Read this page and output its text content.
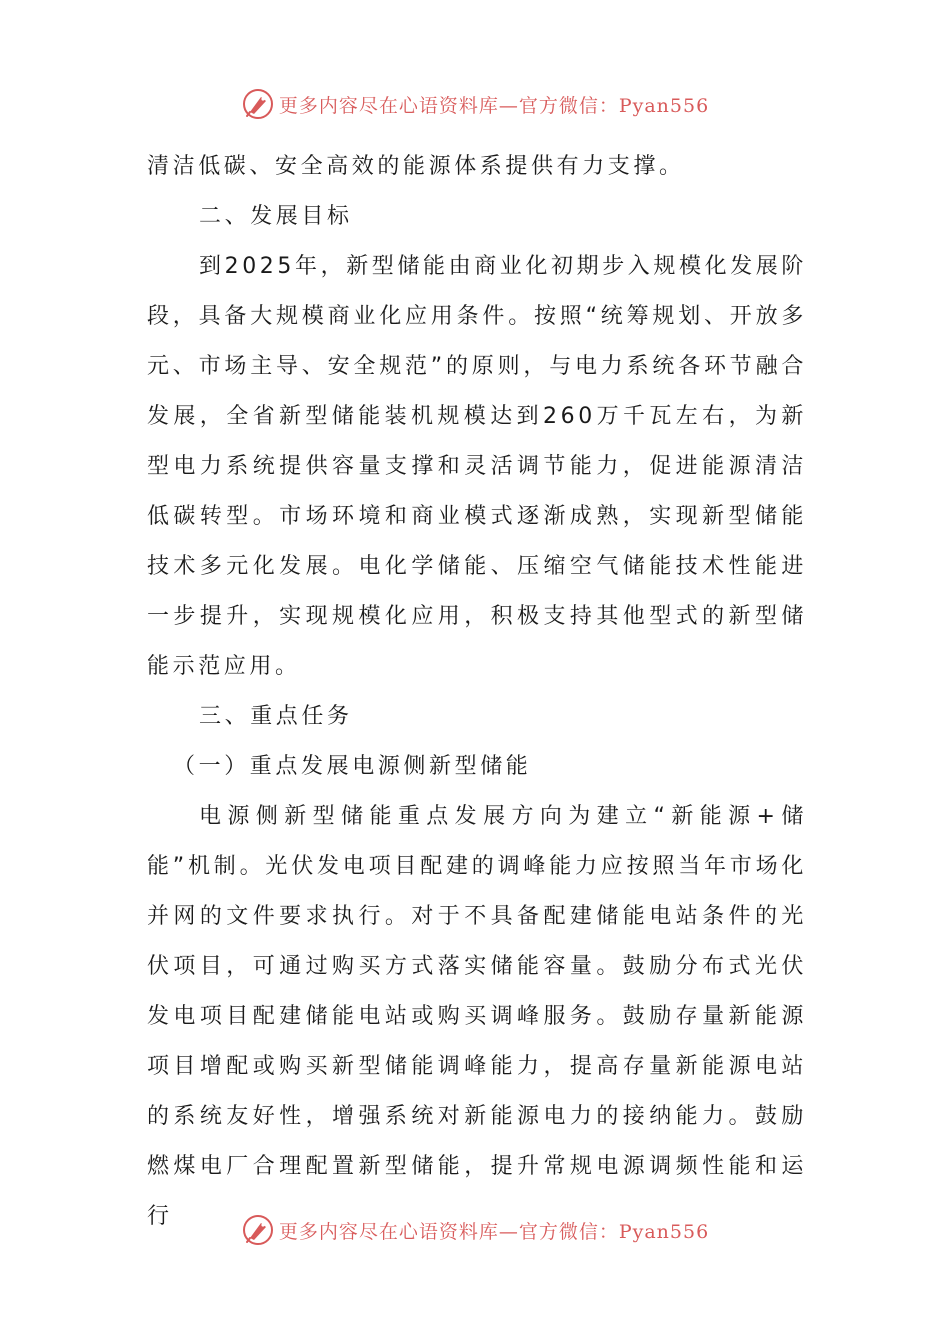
更多内容尽在心语资料库—官方微信：Pyan556

清洁低碳、安全高效的能源体系提供有力支撑。

二、发展目标

到2025年，新型储能由商业化初期步入规模化发展阶段，具备大规模商业化应用条件。按照“统筹规划、开放多元、市场主导、安全规范”的原则，与电力系统各环节融合发展，全省新型储能装机规模达到260万千瓦左右，为新型电力系统提供容量支撑和灵活调节能力，促进能源清洁低碳转型。市场环境和商业模式逐渐成熟，实现新型储能技术多元化发展。电化学储能、压缩空气储能技术性能进一步提升，实现规模化应用，积极支持其他型式的新型储能示范应用。

三、重点任务

（一）重点发展电源侧新型储能

电源侧新型储能重点发展方向为建立“新能源+储能”机制。光伏发电项目配建的调峰能力应按照当年市场化并网的文件要求执行。对于不具备配建储能电站条件的光伏项目，可通过购买方式落实储能容量。鼓励分布式光伏发电项目配建储能电站或购买调峰服务。鼓励存量新能源项目增配或购买新型储能调峰能力，提高存量新能源电站的系统友好性，增强系统对新能源电力的接纳能力。鼓励燃煤电厂合理配置新型储能，提升常规电源调频性能和运行

更多内容尽在心语资料库—官方微信：Pyan556
